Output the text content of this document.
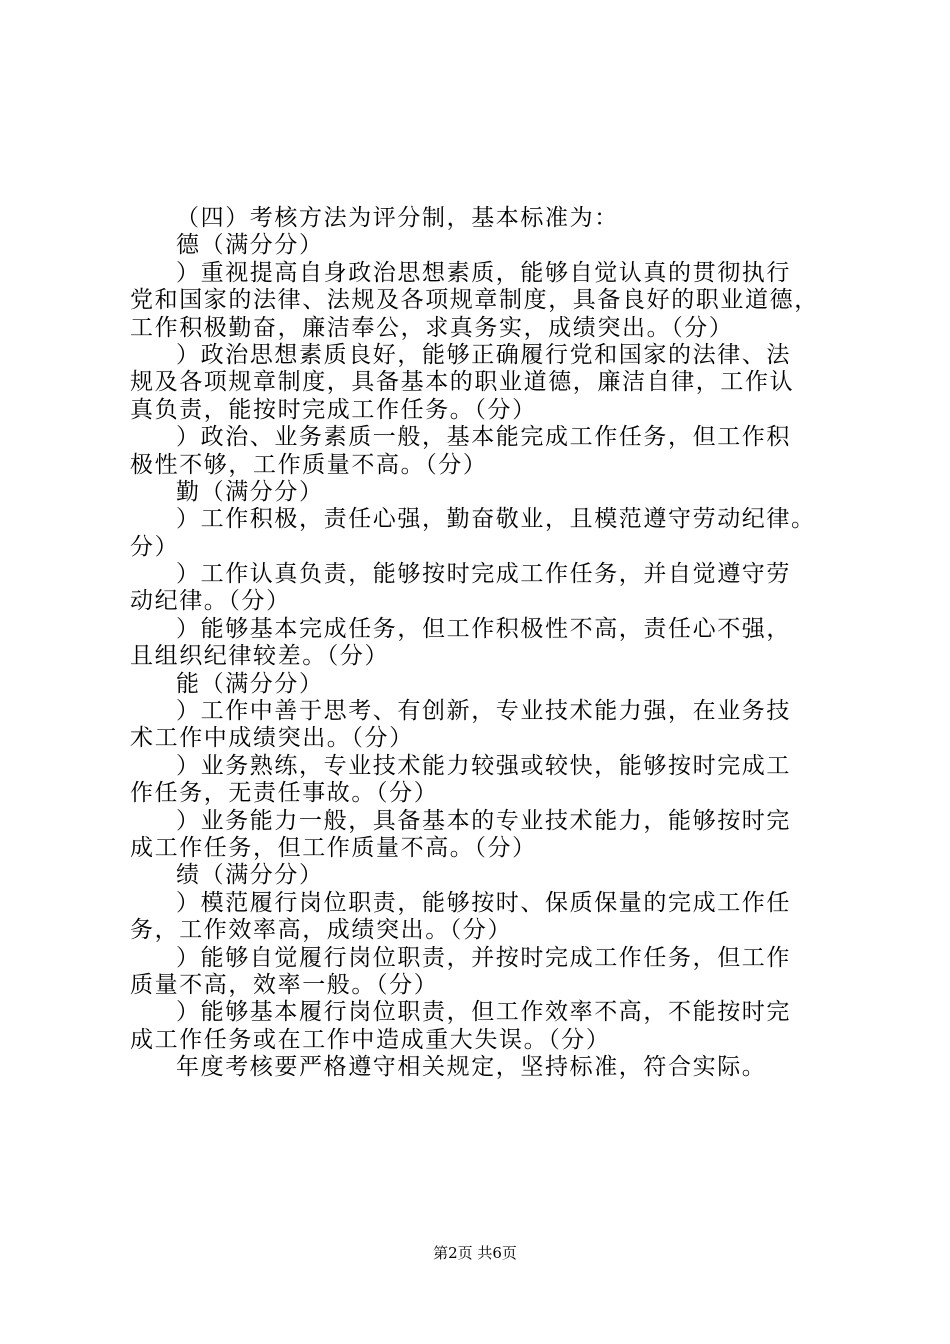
（四）考核方法为评分制，基本标准为：
德（满分分）
）重视提高自身政治思想素质，能够自觉认真的贯彻执行
党和国家的法律、法规及各项规章制度，具备良好的职业道德，
工作积极勤奋，廉洁奉公，求真务实，成绩突出。（分）
）政治思想素质良好，能够正确履行党和国家的法律、法
规及各项规章制度，具备基本的职业道德，廉洁自律，工作认
真负责，能按时完成工作任务。（分）
）政治、业务素质一般，基本能完成工作任务，但工作积
极性不够，工作质量不高。（分）
勤（满分分）
）工作积极，责任心强，勤奋敬业，且模范遵守劳动纪律。
分）
）工作认真负责，能够按时完成工作任务，并自觉遵守劳
动纪律。（分）
）能够基本完成任务，但工作积极性不高，责任心不强，
且组织纪律较差。（分）
能（满分分）
）工作中善于思考、有创新，专业技术能力强，在业务技
术工作中成绩突出。（分）
）业务熟练，专业技术能力较强或较快，能够按时完成工
作任务，无责任事故。（分）
）业务能力一般，具备基本的专业技术能力，能够按时完
成工作任务，但工作质量不高。（分）
绩（满分分）
）模范履行岗位职责，能够按时、保质保量的完成工作任
务，工作效率高，成绩突出。（分）
）能够自觉履行岗位职责，并按时完成工作任务，但工作
质量不高，效率一般。（分）
）能够基本履行岗位职责，但工作效率不高，不能按时完
成工作任务或在工作中造成重大失误。（分）
年度考核要严格遵守相关规定，坚持标准，符合实际。
第2页 共6页
